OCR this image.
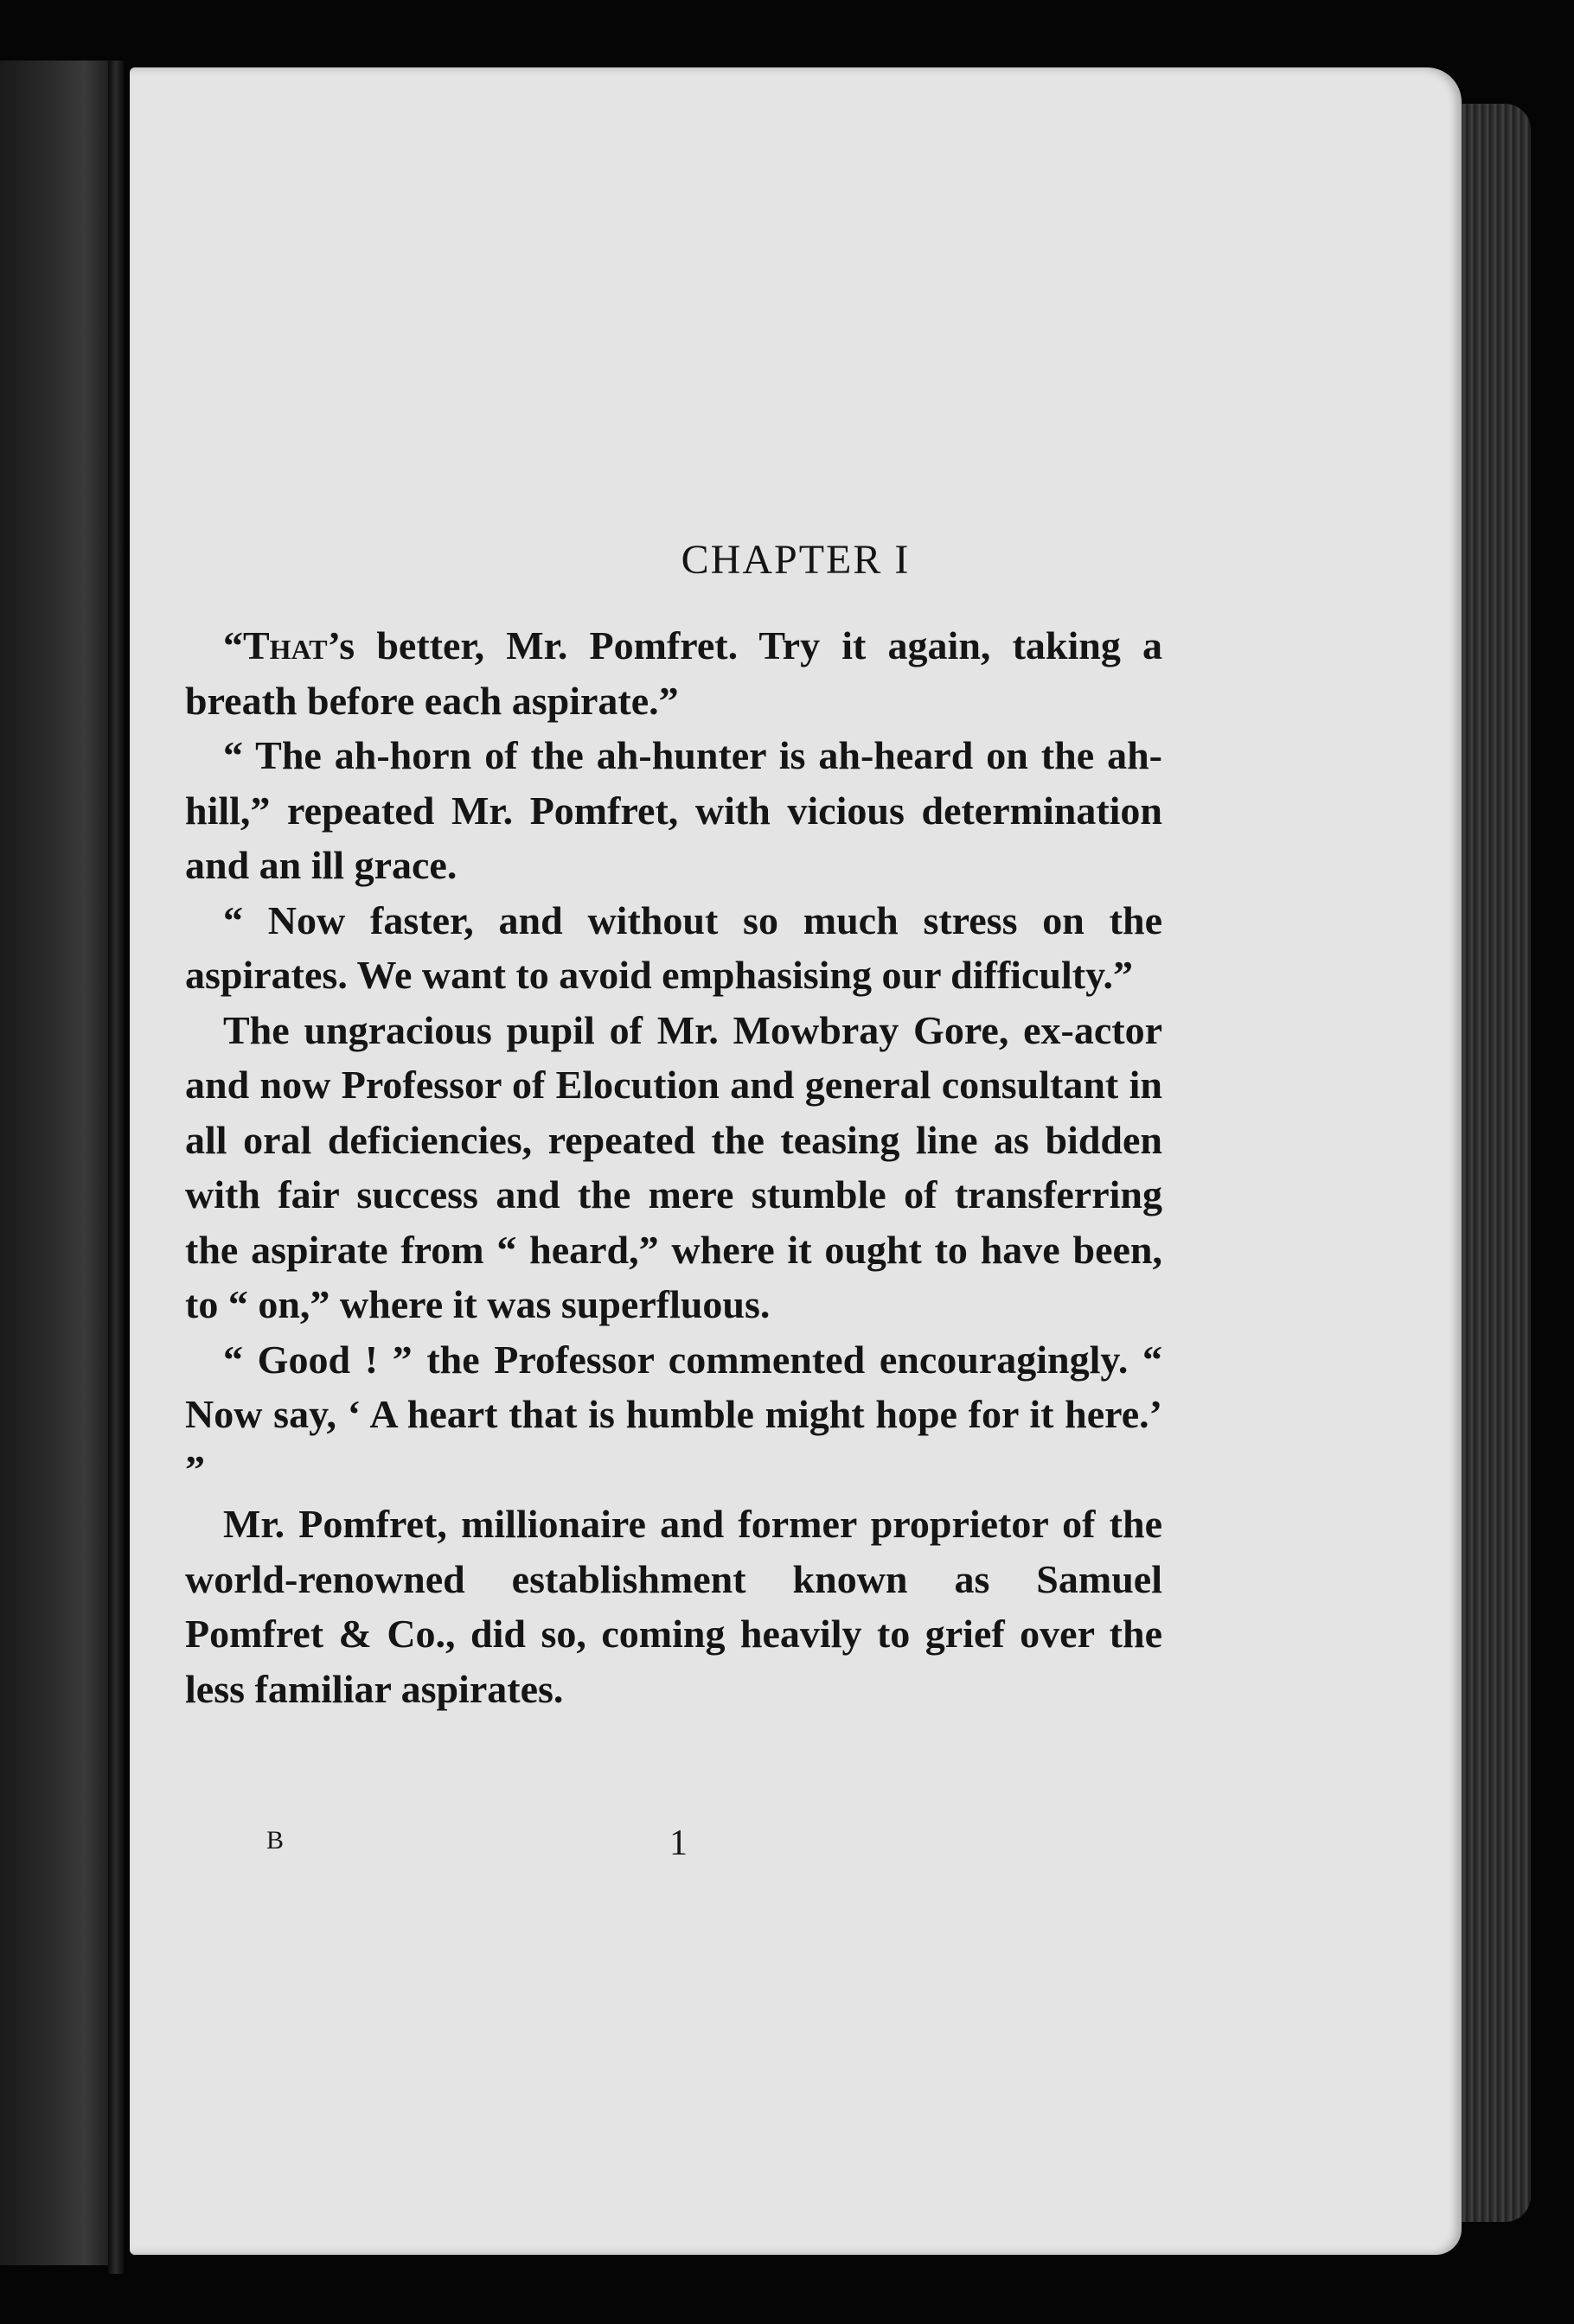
CHAPTER I

“That’s better, Mr. Pomfret. Try it again, taking a breath before each aspirate.”

“ The ah-horn of the ah-hunter is ah-heard on the ah-hill,” repeated Mr. Pomfret, with vicious determination and an ill grace.

“ Now faster, and without so much stress on the aspirates. We want to avoid emphasising our difficulty.”

The ungracious pupil of Mr. Mowbray Gore, ex-actor and now Professor of Elocution and general consultant in all oral deficiencies, repeated the teasing line as bidden with fair success and the mere stumble of transferring the aspirate from “ heard,” where it ought to have been, to “ on,” where it was superfluous.

“ Good ! ” the Professor commented encouragingly. “ Now say, ‘ A heart that is humble might hope for it here.’ ”

Mr. Pomfret, millionaire and former proprietor of the world-renowned establishment known as Samuel Pomfret & Co., did so, coming heavily to grief over the less familiar aspirates.

B	1
